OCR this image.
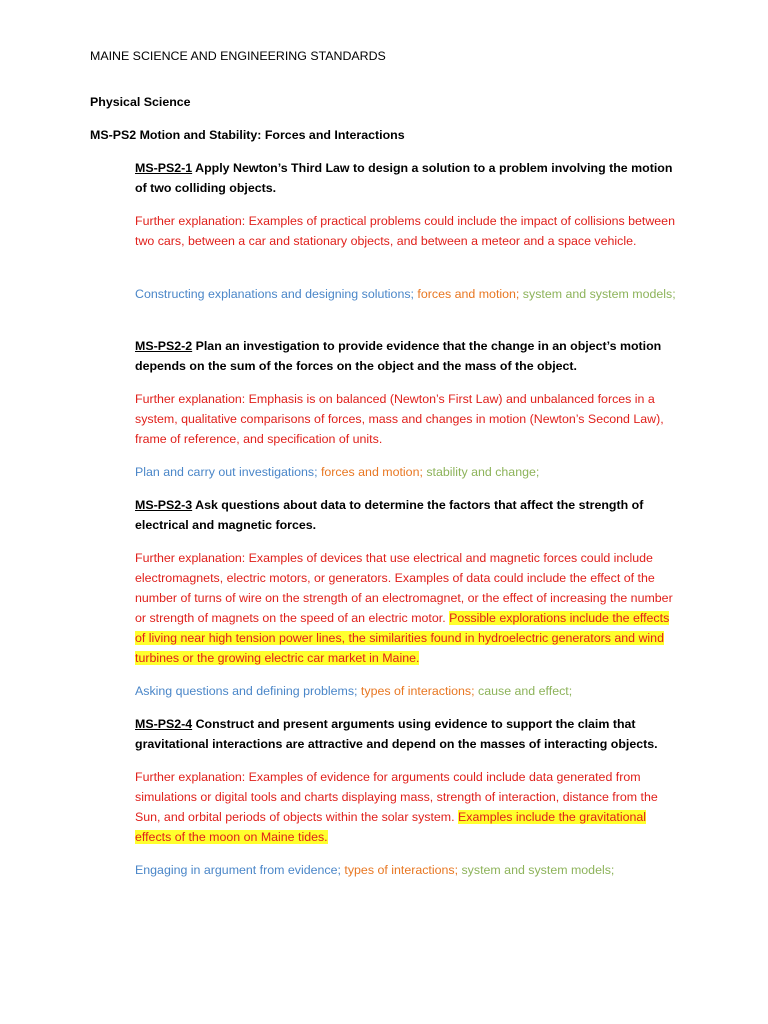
MAINE SCIENCE AND ENGINEERING STANDARDS

Physical Science

MS-PS2 Motion and Stability: Forces and Interactions

MS-PS2-1 Apply Newton’s Third Law to design a solution to a problem involving the motion of two colliding objects.

Further explanation: Examples of practical problems could include the impact of collisions between two cars, between a car and stationary objects, and between a meteor and a space vehicle.

Constructing explanations and designing solutions; forces and motion; system and system models;

MS-PS2-2 Plan an investigation to provide evidence that the change in an object’s motion depends on the sum of the forces on the object and the mass of the object.

Further explanation: Emphasis is on balanced (Newton’s First Law) and unbalanced forces in a system, qualitative comparisons of forces, mass and changes in motion (Newton’s Second Law), frame of reference, and specification of units.

Plan and carry out investigations; forces and motion; stability and change;

MS-PS2-3 Ask questions about data to determine the factors that affect the strength of electrical and magnetic forces.

Further explanation: Examples of devices that use electrical and magnetic forces could include electromagnets, electric motors, or generators. Examples of data could include the effect of the number of turns of wire on the strength of an electromagnet, or the effect of increasing the number or strength of magnets on the speed of an electric motor. Possible explorations include the effects of living near high tension power lines, the similarities found in hydroelectric generators and wind turbines or the growing electric car market in Maine.

Asking questions and defining problems; types of interactions; cause and effect;

MS-PS2-4 Construct and present arguments using evidence to support the claim that gravitational interactions are attractive and depend on the masses of interacting objects.

Further explanation: Examples of evidence for arguments could include data generated from simulations or digital tools and charts displaying mass, strength of interaction, distance from the Sun, and orbital periods of objects within the solar system. Examples include the gravitational effects of the moon on Maine tides.

Engaging in argument from evidence; types of interactions; system and system models;
